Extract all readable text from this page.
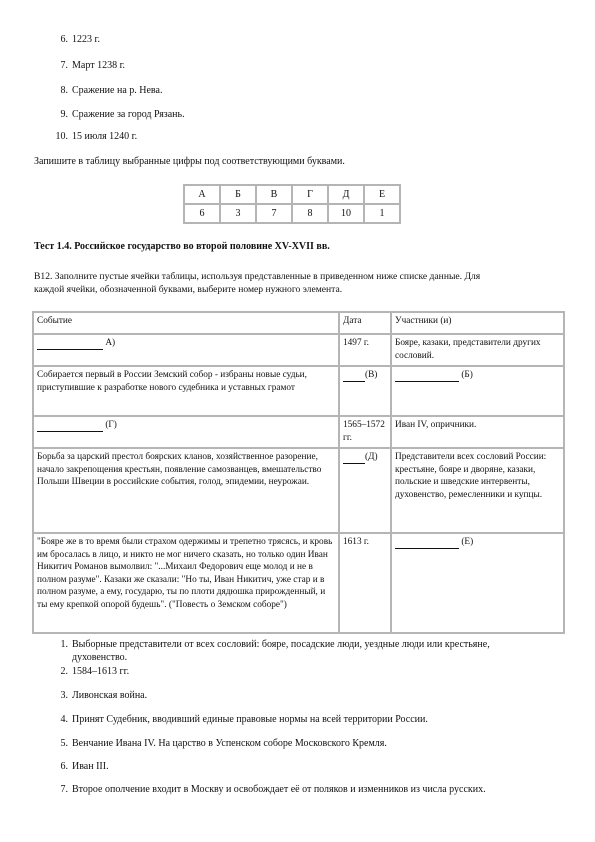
6. 1223 г.
7. Март 1238 г.
8. Сражение на р. Нева.
9. Сражение за город Рязань.
10. 15 июля 1240 г.
Запишите в таблицу выбранные цифры под соответствующими буквами.
А	Б	В	Г	Д	Е
6	3	7	8	10	1
Тест 1.4. Российское государство во второй половине XV-XVII вв.
В12. Заполните пустые ячейки таблицы, используя представленные в приведенном ниже списке данные. Для
каждой ячейки, обозначенной буквами, выберите номер нужного элемента.
Событие	Дата	Участники (и)
А)	1497 г.	Бояре, казаки, представители других сословий.
Собирается первый в России Земский собор - избраны новые судьи, приступившие к разработке нового судебника и уставных грамот	(В)	(Б)
(Г)	1565–1572 гг.	Иван IV, опричники.
Борьба за царский престол боярских кланов, хозяйственное разорение, начало закрепощения крестьян, появление самозванцев, вмешательство Польши Швеции в российские события, голод, эпидемии, неурожаи.	(Д)	Представители всех сословий России: крестьяне, бояре и дворяне, казаки, польские и шведские интервенты, духовенство, ремесленники и купцы.
"Бояре же в то время были страхом одержимы и трепетно трясясь, и кровь им бросалась в лицо, и никто не мог ничего сказать, но только один Иван Никитич Романов вымолвил: "...Михаил Федорович еще молод и не в полном разуме". Казаки же сказали: "Но ты, Иван Никитич, уже стар и в полном разуме, а ему, государю, ты по плоти дядюшка прирожденный, и ты ему крепкой опорой будешь". ("Повесть о Земском соборе")	1613 г.	(Е)
1. Выборные представители от всех сословий: бояре, посадские люди, уездные люди или крестьяне,
духовенство.
2. 1584–1613 гг.
3. Ливонская война.
4. Принят Судебник, вводивший единые правовые нормы на всей территории России.
5. Венчание Ивана IV. На царство в Успенском соборе Московского Кремля.
6. Иван III.
7. Второе ополчение входит в Москву и освобождает её от поляков и изменников из числа русских.
